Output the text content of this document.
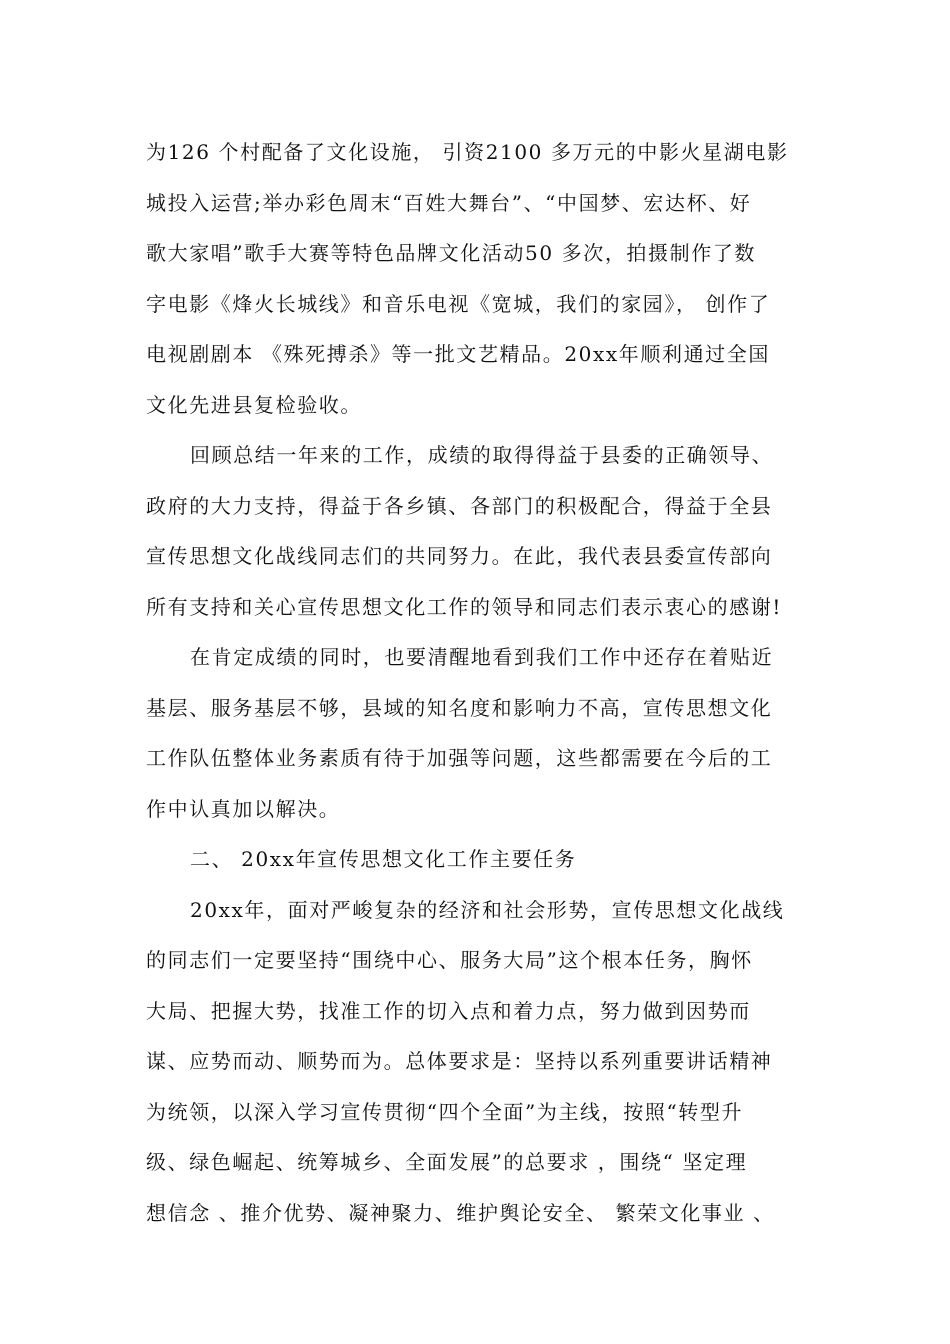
为126 个村配备了文化设施， 引资2100 多万元的中影火星湖电影
城投入运营;举办彩色周末“百姓大舞台”、“中国梦、宏达杯、好
歌大家唱”歌手大赛等特色品牌文化活动50 多次，拍摄制作了数
字电影《烽火长城线》和音乐电视《宽城，我们的家园》， 创作了
电视剧剧本 《殊死搏杀》等一批文艺精品。20xx年顺利通过全国
文化先进县复检验收。
回顾总结一年来的工作，成绩的取得得益于县委的正确领导、
政府的大力支持，得益于各乡镇、各部门的积极配合，得益于全县
宣传思想文化战线同志们的共同努力。在此，我代表县委宣传部向
所有支持和关心宣传思想文化工作的领导和同志们表示衷心的感谢!
在肯定成绩的同时，也要清醒地看到我们工作中还存在着贴近
基层、服务基层不够，县域的知名度和影响力不高，宣传思想文化
工作队伍整体业务素质有待于加强等问题，这些都需要在今后的工
作中认真加以解决。
二、 20xx年宣传思想文化工作主要任务
20xx年，面对严峻复杂的经济和社会形势，宣传思想文化战线
的同志们一定要坚持“围绕中心、服务大局”这个根本任务，胸怀
大局、把握大势，找准工作的切入点和着力点，努力做到因势而
谋、应势而动、顺势而为。总体要求是：坚持以系列重要讲话精神
为统领，以深入学习宣传贯彻“四个全面”为主线，按照“转型升
级、绿色崛起、统筹城乡、全面发展”的总要求 ，围绕“ 坚定理
想信念 、推介优势、凝神聚力、维护舆论安全、 繁荣文化事业 、
